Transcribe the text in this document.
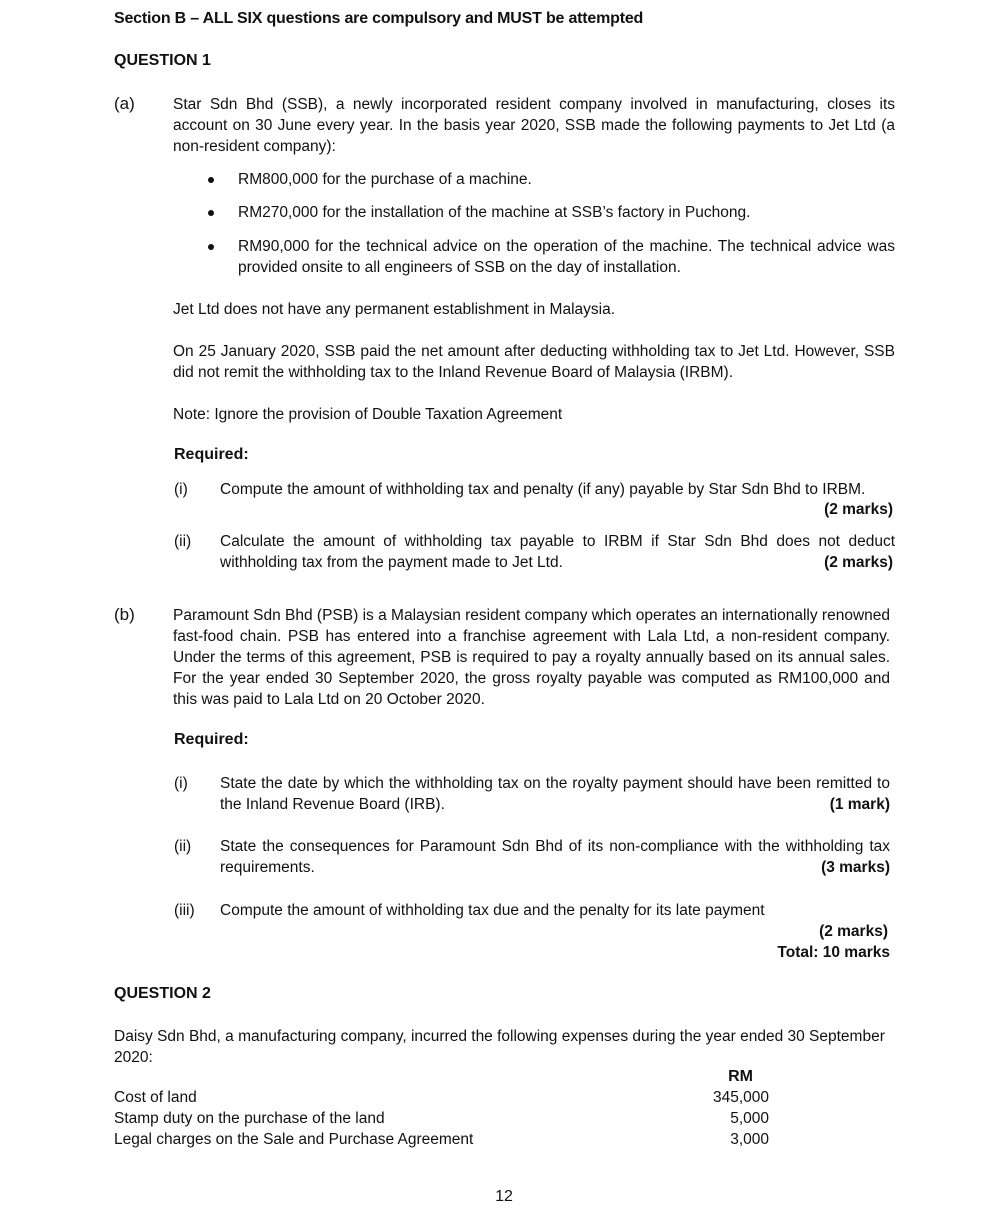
Section B – ALL SIX questions are compulsory and MUST be attempted
QUESTION 1
(a) Star Sdn Bhd (SSB), a newly incorporated resident company involved in manufacturing, closes its account on 30 June every year. In the basis year 2020, SSB made the following payments to Jet Ltd (a non-resident company):
RM800,000 for the purchase of a machine.
RM270,000 for the installation of the machine at SSB’s factory in Puchong.
RM90,000 for the technical advice on the operation of the machine. The technical advice was provided onsite to all engineers of SSB on the day of installation.
Jet Ltd does not have any permanent establishment in Malaysia.
On 25 January 2020, SSB paid the net amount after deducting withholding tax to Jet Ltd. However, SSB did not remit the withholding tax to the Inland Revenue Board of Malaysia (IRBM).
Note: Ignore the provision of Double Taxation Agreement
Required:
(i) Compute the amount of withholding tax and penalty (if any) payable by Star Sdn Bhd to IRBM.
(2 marks)
(ii) Calculate the amount of withholding tax payable to IRBM if Star Sdn Bhd does not deduct withholding tax from the payment made to Jet Ltd.	(2 marks)
(b) Paramount Sdn Bhd (PSB) is a Malaysian resident company which operates an internationally renowned fast-food chain. PSB has entered into a franchise agreement with Lala Ltd, a non-resident company. Under the terms of this agreement, PSB is required to pay a royalty annually based on its annual sales. For the year ended 30 September 2020, the gross royalty payable was computed as RM100,000 and this was paid to Lala Ltd on 20 October 2020.
Required:
(i) State the date by which the withholding tax on the royalty payment should have been remitted to the Inland Revenue Board (IRB).	(1 mark)
(ii) State the consequences for Paramount Sdn Bhd of its non-compliance with the withholding tax requirements.	(3 marks)
(iii) Compute the amount of withholding tax due and the penalty for its late payment
(2 marks)
Total: 10 marks
QUESTION 2
Daisy Sdn Bhd, a manufacturing company, incurred the following expenses during the year ended 30 September 2020:
RM
Cost of land	345,000
Stamp duty on the purchase of the land	5,000
Legal charges on the Sale and Purchase Agreement	3,000
12
